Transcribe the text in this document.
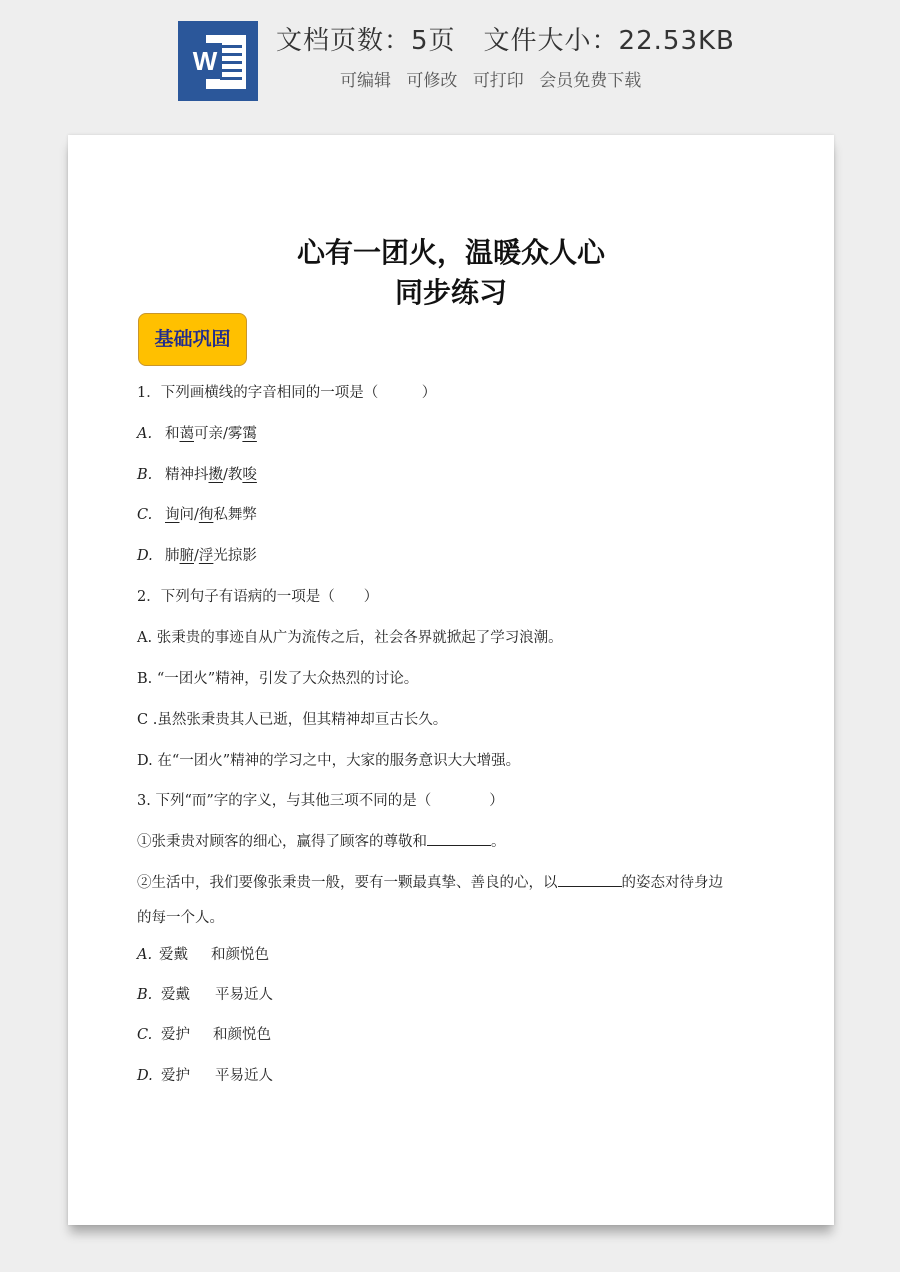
W
文档页数：5页 文件大小：22.53KB
可编辑 可修改 可打印 会员免费下载
心有一团火，温暖众人心
同步练习
基础巩固
1．下列画横线的字音相同的一项是（　　　）
A. 和蔼可亲/雾霭
B. 精神抖擞/教唆
C. 询问/徇私舞弊
D. 肺腑/浮光掠影
2．下列句子有语病的一项是（　　）
A. 张秉贵的事迹自从广为流传之后，社会各界就掀起了学习浪潮。
B. “一团火”精神，引发了大众热烈的讨论。
C .虽然张秉贵其人已逝，但其精神却亘古长久。
D. 在“一团火”精神的学习之中，大家的服务意识大大增强。
3. 下列“而”字的字义，与其他三项不同的是（　　　　）
①张秉贵对顾客的细心，赢得了顾客的尊敬和	。
②生活中，我们要像张秉贵一般，要有一颗最真挚、善良的心，以	的姿态对待身边
的每一个人。
A. 爱戴 和颜悦色
B. 爱戴 平易近人
C. 爱护 和颜悦色
D. 爱护 平易近人
